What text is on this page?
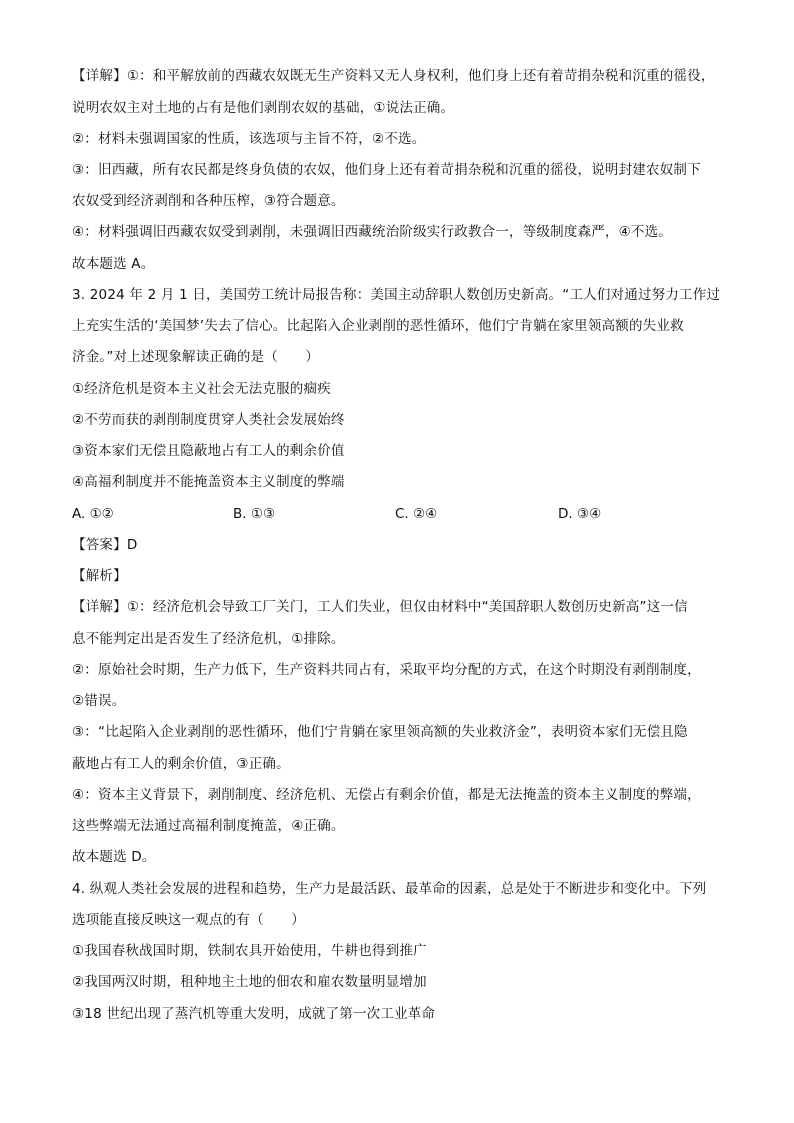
【详解】①：和平解放前的西藏农奴既无生产资料又无人身权利，他们身上还有着苛捐杂税和沉重的徭役，
说明农奴主对土地的占有是他们剥削农奴的基础，①说法正确。
②：材料未强调国家的性质，该选项与主旨不符，②不选。
③：旧西藏，所有农民都是终身负债的农奴，他们身上还有着苛捐杂税和沉重的徭役，说明封建农奴制下
农奴受到经济剥削和各种压榨，③符合题意。
④：材料强调旧西藏农奴受到剥削，未强调旧西藏统治阶级实行政教合一，等级制度森严，④不选。
故本题选 A。
3. 2024 年 2 月 1 日，美国劳工统计局报告称：美国主动辞职人数创历史新高。“工人们对通过努力工作过
上充实生活的‘美国梦’失去了信心。比起陷入企业剥削的恶性循环，他们宁肯躺在家里领高额的失业救
济金。”对上述现象解读正确的是（　　）
①经济危机是资本主义社会无法克服的痼疾
②不劳而获的剥削制度贯穿人类社会发展始终
③资本家们无偿且隐蔽地占有工人的剩余价值
④高福利制度并不能掩盖资本主义制度的弊端
A. ①②	B. ①③	C. ②④	D. ③④
【答案】D
【解析】
【详解】①：经济危机会导致工厂关门，工人们失业，但仅由材料中“美国辞职人数创历史新高”这一信
息不能判定出是否发生了经济危机，①排除。
②：原始社会时期，生产力低下，生产资料共同占有，采取平均分配的方式，在这个时期没有剥削制度，
②错误。
③：“比起陷入企业剥削的恶性循环，他们宁肯躺在家里领高额的失业救济金”，表明资本家们无偿且隐
蔽地占有工人的剩余价值，③正确。
④：资本主义背景下，剥削制度、经济危机、无偿占有剩余价值，都是无法掩盖的资本主义制度的弊端，
这些弊端无法通过高福利制度掩盖，④正确。
故本题选 D。
4. 纵观人类社会发展的进程和趋势，生产力是最活跃、最革命的因素，总是处于不断进步和变化中。下列
选项能直接反映这一观点的有（　　）
①我国春秋战国时期，铁制农具开始使用，牛耕也得到推广
②我国两汉时期，租种地主土地的佃农和雇农数量明显增加
③18 世纪出现了蒸汽机等重大发明，成就了第一次工业革命
